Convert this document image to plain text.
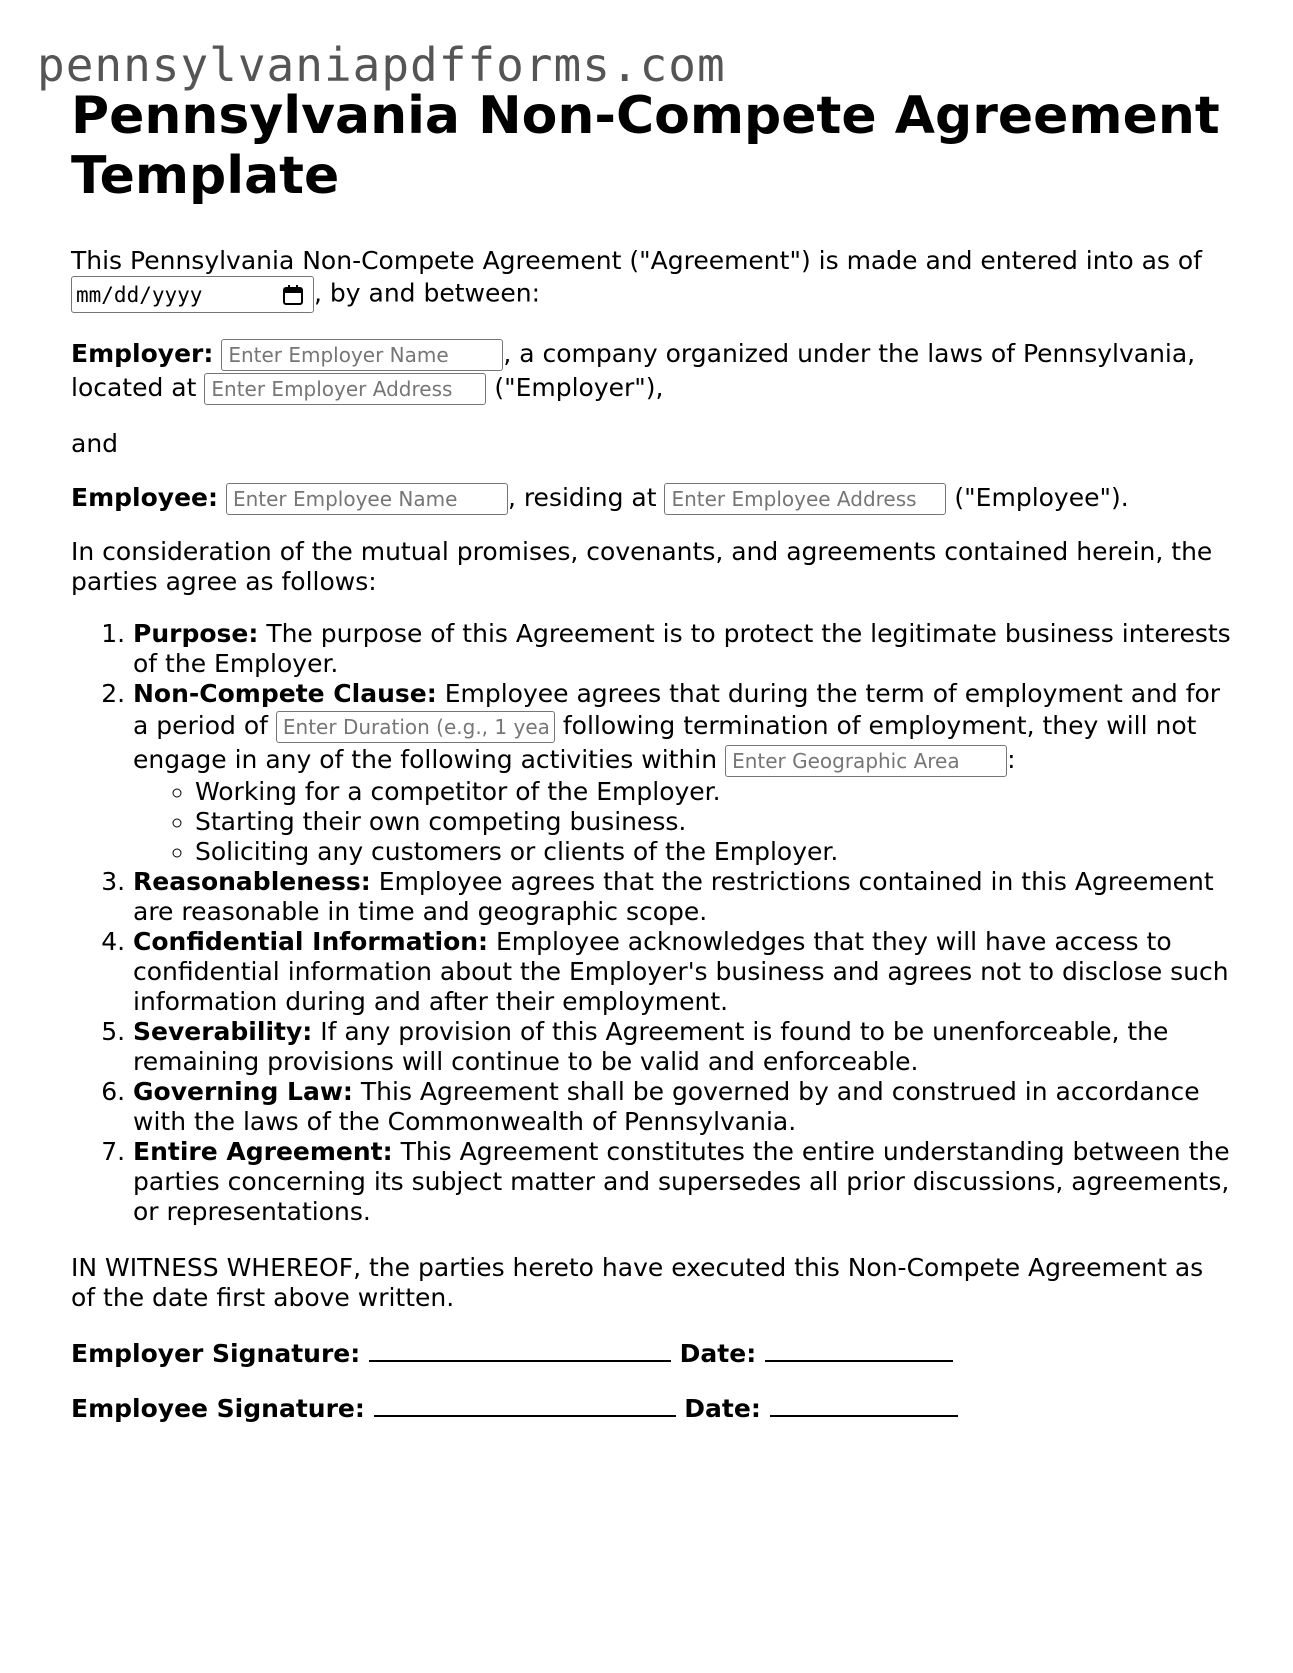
pennsylvaniapdfforms.com
Pennsylvania Non-Compete Agreement Template

This Pennsylvania Non-Compete Agreement ("Agreement") is made and entered into as of

mm/dd/yyyy	, by and between:

Employer: Enter Employer Name	, a company organized under the laws of Pennsylvania, located at Enter Employer Address	("Employer"),

and

Employee: Enter Employee Name	, residing at Enter Employee Address	("Employee").

In consideration of the mutual promises, covenants, and agreements contained herein, the parties agree as follows:

1. Purpose: The purpose of this Agreement is to protect the legitimate business interests of the Employer.
2. Non-Compete Clause: Employee agrees that during the term of employment and for a period of Enter Duration (e.g., 1 year)	following termination of employment, they will not engage in any of the following activities within Enter Geographic Area	:
◦ Working for a competitor of the Employer.
◦ Starting their own competing business.
◦ Soliciting any customers or clients of the Employer.
3. Reasonableness: Employee agrees that the restrictions contained in this Agreement are reasonable in time and geographic scope.
4. Confidential Information: Employee acknowledges that they will have access to confidential information about the Employer's business and agrees not to disclose such information during and after their employment.
5. Severability: If any provision of this Agreement is found to be unenforceable, the remaining provisions will continue to be valid and enforceable.
6. Governing Law: This Agreement shall be governed by and construed in accordance with the laws of the Commonwealth of Pennsylvania.
7. Entire Agreement: This Agreement constitutes the entire understanding between the parties concerning its subject matter and supersedes all prior discussions, agreements, or representations.

IN WITNESS WHEREOF, the parties hereto have executed this Non-Compete Agreement as of the date first above written.

Employer Signature:	Date:

Employee Signature:	Date:
